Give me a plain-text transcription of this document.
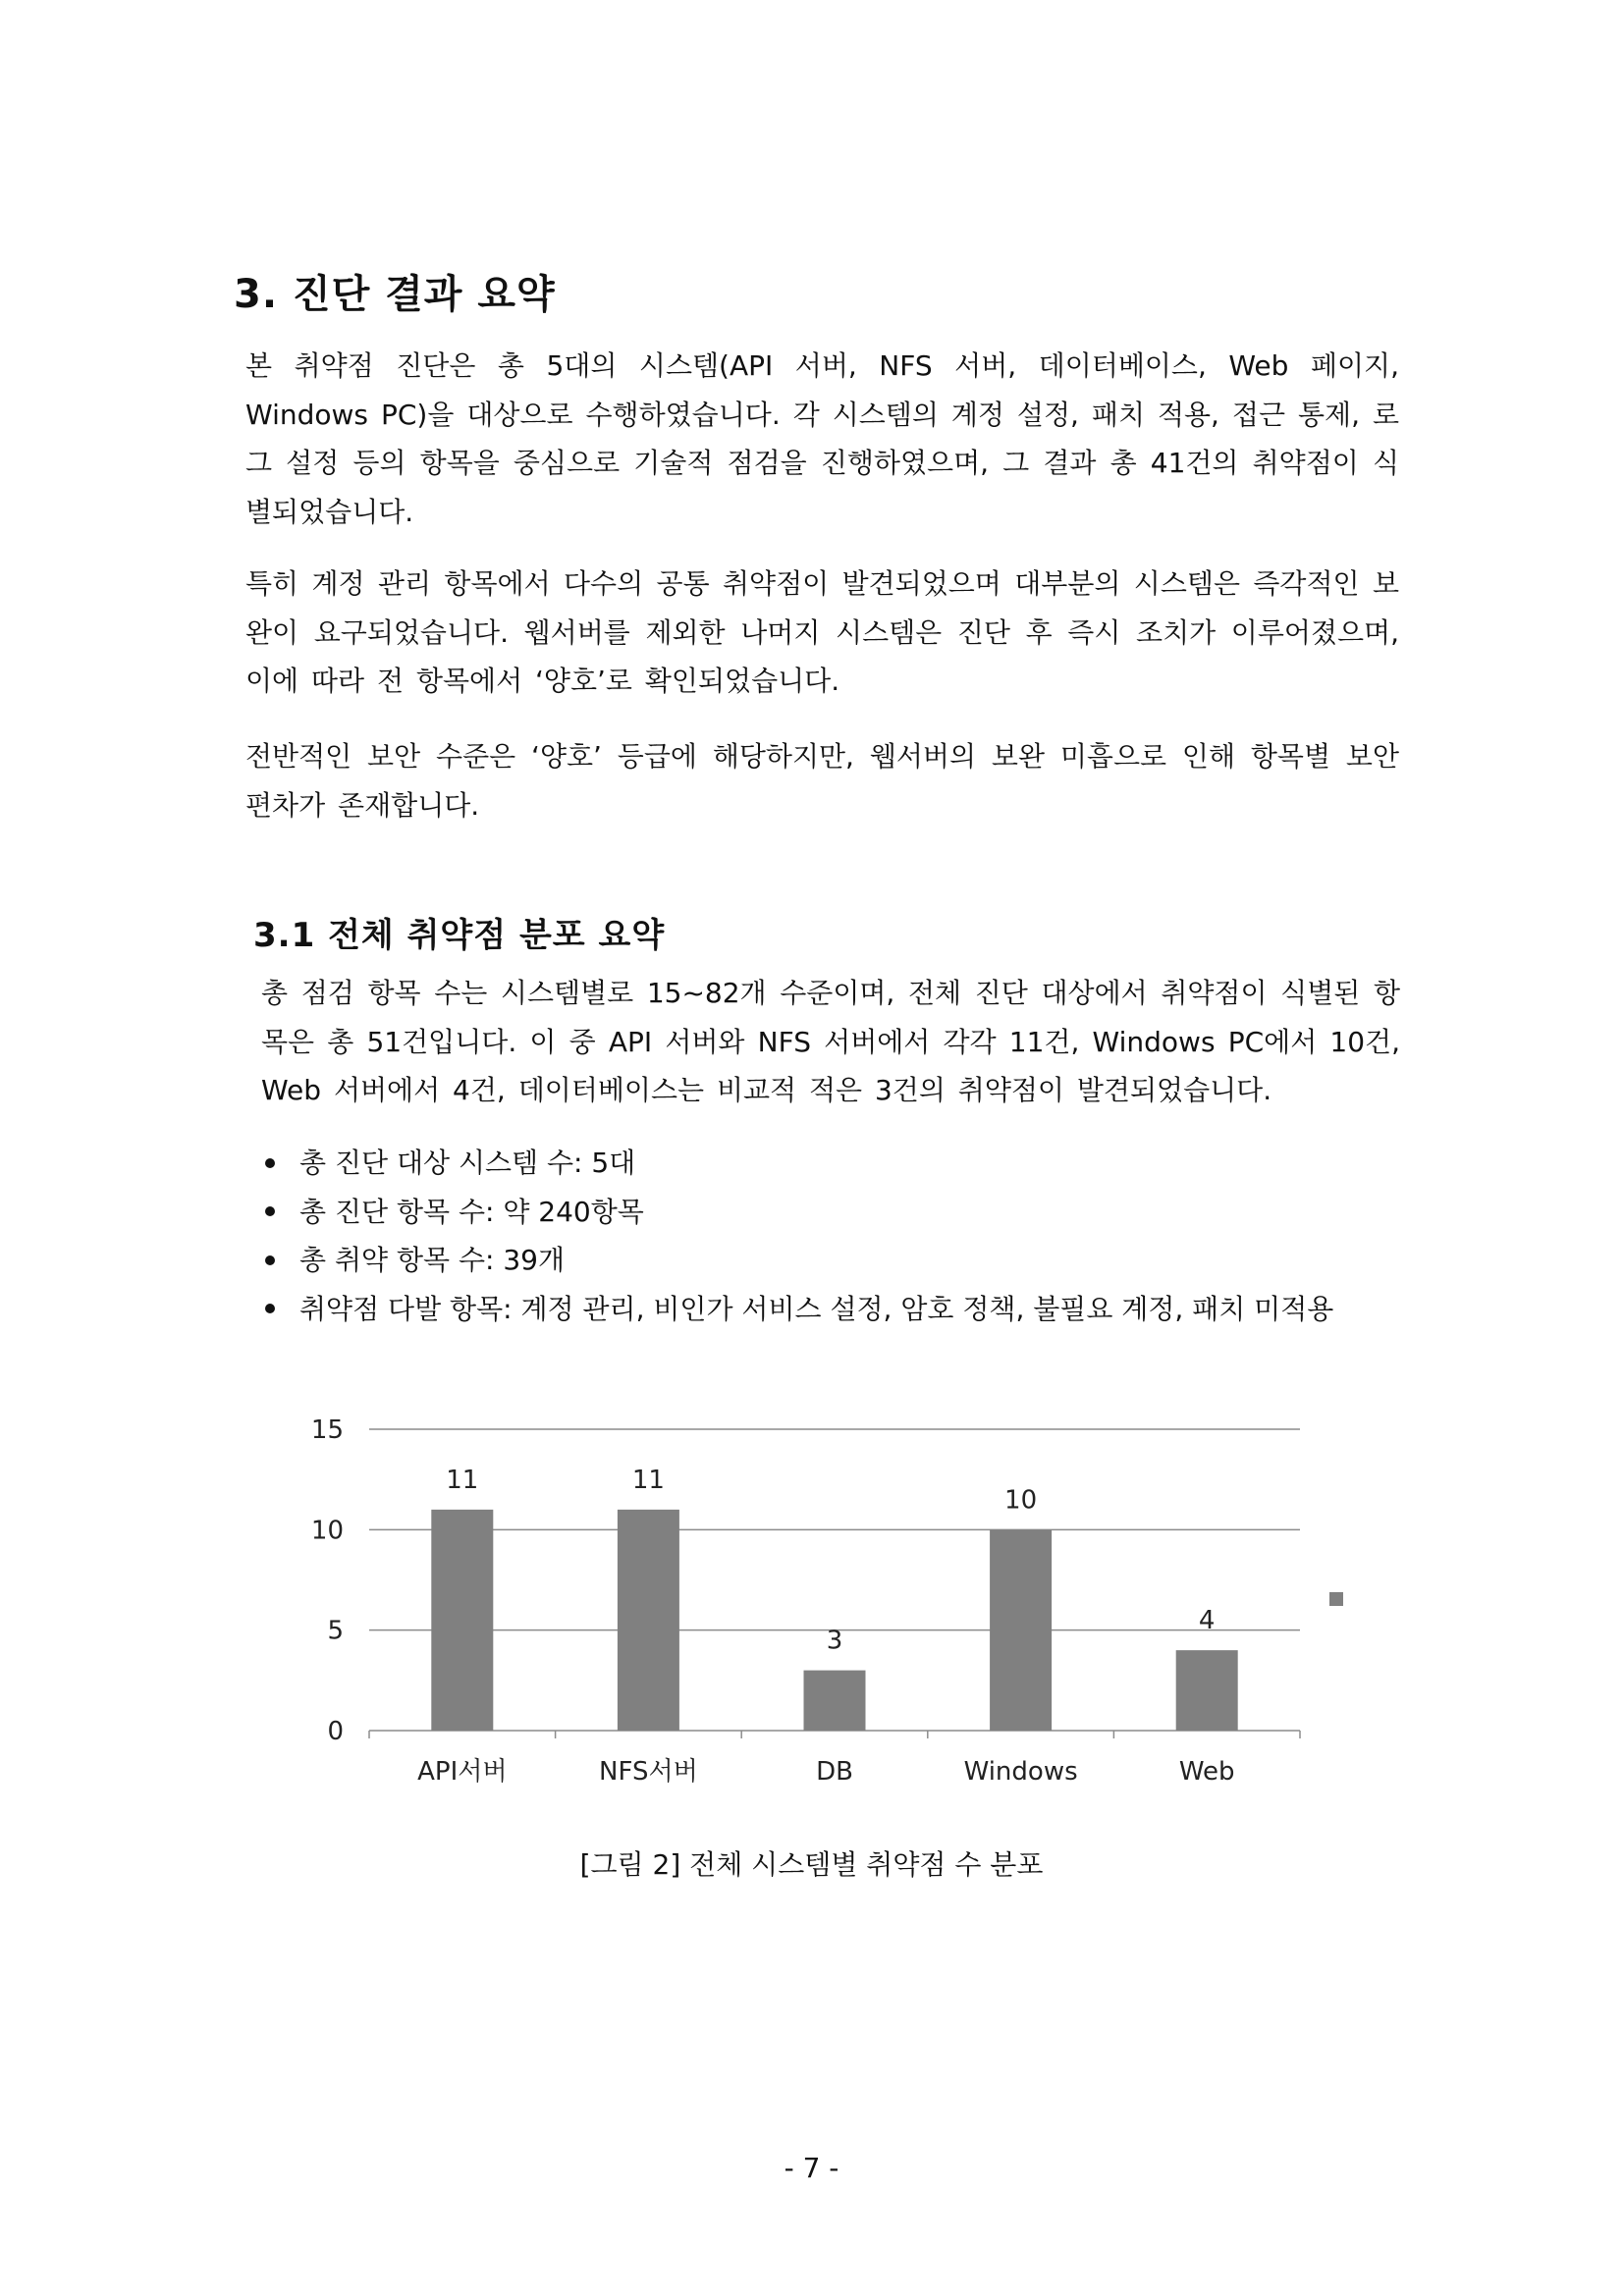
3. 진단 결과 요약

본 취약점 진단은 총 5대의 시스템(API 서버, NFS 서버, 데이터베이스, Web 페이지, Windows PC)을 대상으로 수행하였습니다. 각 시스템의 계정 설정, 패치 적용, 접근 통제, 로그 설정 등의 항목을 중심으로 기술적 점검을 진행하였으며, 그 결과 총 41건의 취약점이 식별되었습니다.

특히 계정 관리 항목에서 다수의 공통 취약점이 발견되었으며 대부분의 시스템은 즉각적인 보완이 요구되었습니다. 웹서버를 제외한 나머지 시스템은 진단 후 즉시 조치가 이루어졌으며, 이에 따라 전 항목에서 ‘양호’로 확인되었습니다.

전반적인 보안 수준은 ‘양호’ 등급에 해당하지만, 웹서버의 보완 미흡으로 인해 항목별 보안 편차가 존재합니다.

3.1 전체 취약점 분포 요약

총 점검 항목 수는 시스템별로 15~82개 수준이며, 전체 진단 대상에서 취약점이 식별된 항목은 총 51건입니다. 이 중 API 서버와 NFS 서버에서 각각 11건, Windows PC에서 10건, Web 서버에서 4건, 데이터베이스는 비교적 적은 3건의 취약점이 발견되었습니다.

총 진단 대상 시스템 수: 5대
총 진단 항목 수: 약 240항목
총 취약 항목 수: 39개
취약점 다발 항목: 계정 관리, 비인가 서비스 설정, 암호 정책, 불필요 계정, 패치 미적용
0
5
10
15
11
API서버
11
NFS서버
3
DB
10
Windows
4
Web

[그림 2] 전체 시스템별 취약점 수 분포

- 7 -
